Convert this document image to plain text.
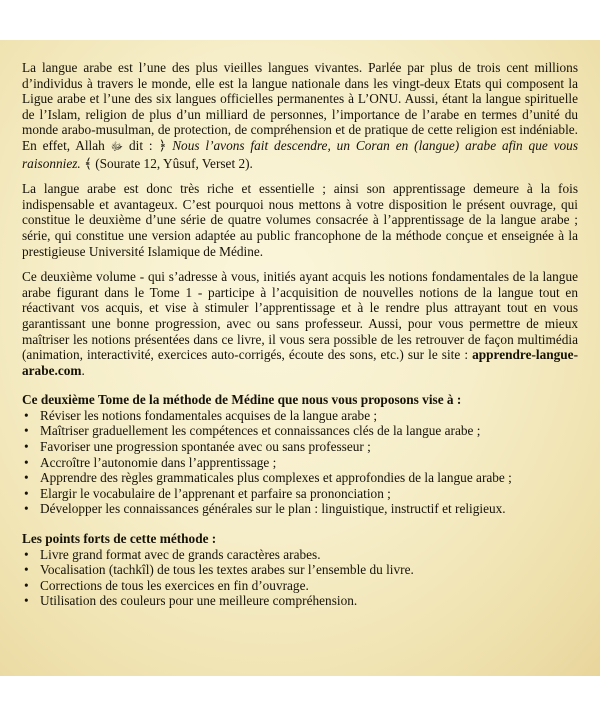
La langue arabe est l’une des plus vieilles langues vivantes. Parlée par plus de trois cent millions d’individus à travers le monde, elle est la langue nationale dans les vingt-deux Etats qui composent la Ligue arabe et l’une des six langues officielles permanentes à L’ONU. Aussi, étant la langue spirituelle de l’Islam, religion de plus d’un milliard de personnes, l’importance de l’arabe en termes d’unité du monde arabo-musulman, de protection, de compréhension et de pratique de cette religion est indéniable. En effet, Allah ﷻ dit : ﴿ Nous l’avons fait descendre, un Coran en (langue) arabe afin que vous raisonniez. ﴾ (Sourate 12, Yûsuf, Verset 2).

La langue arabe est donc très riche et essentielle ; ainsi son apprentissage demeure à la fois indispensable et avantageux. C’est pourquoi nous mettons à votre disposition le présent ouvrage, qui constitue le deuxième d’une série de quatre volumes consacrée à l’apprentissage de la langue arabe ; série, qui constitue une version adaptée au public francophone de la méthode conçue et enseignée à la prestigieuse Université Islamique de Médine.

Ce deuxième volume - qui s’adresse à vous, initiés ayant acquis les notions fondamentales de la langue arabe figurant dans le Tome 1 - participe à l’acquisition de nouvelles notions de la langue tout en réactivant vos acquis, et vise à stimuler l’apprentissage et à le rendre plus attrayant tout en vous garantissant une bonne progression, avec ou sans professeur. Aussi, pour vous permettre de mieux maîtriser les notions présentées dans ce livre, il vous sera possible de les retrouver de façon multimédia (animation, interactivité, exercices auto-corrigés, écoute des sons, etc.) sur le site : apprendre-langue-arabe.com.

Ce deuxième Tome de la méthode de Médine que nous vous proposons vise à :
• Réviser les notions fondamentales acquises de la langue arabe ;
• Maîtriser graduellement les compétences et connaissances clés de la langue arabe ;
• Favoriser une progression spontanée avec ou sans professeur ;
• Accroître l’autonomie dans l’apprentissage ;
• Apprendre des règles grammaticales plus complexes et approfondies de la langue arabe ;
• Elargir le vocabulaire de l’apprenant et parfaire sa prononciation ;
• Développer les connaissances générales sur le plan : linguistique, instructif et religieux.
Les points forts de cette méthode :
• Livre grand format avec de grands caractères arabes.
• Vocalisation (tachkîl) de tous les textes arabes sur l’ensemble du livre.
• Corrections de tous les exercices en fin d’ouvrage.
• Utilisation des couleurs pour une meilleure compréhension.
